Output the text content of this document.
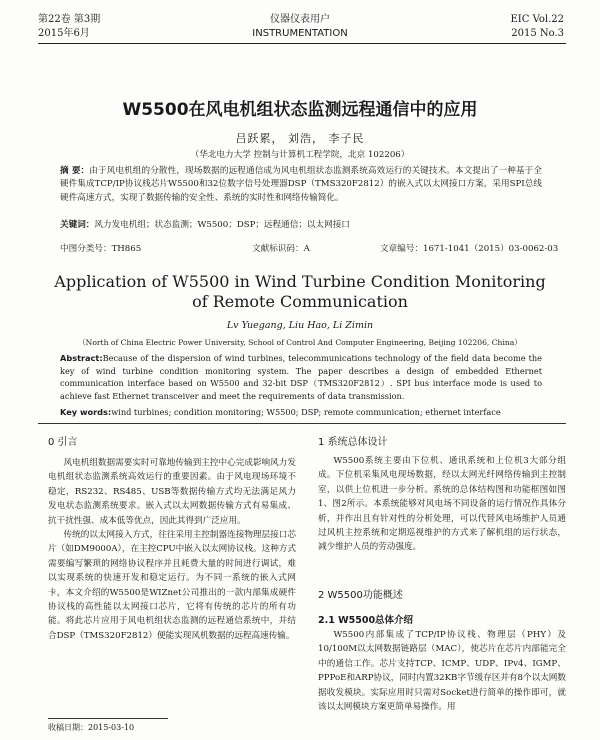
第22卷 第3期
2015年6月
仪器仪表用户
INSTRUMENTATION
EIC Vol.22
2015 No.3
W5500在风电机组状态监测远程通信中的应用
吕跃累， 刘浩， 李子民
（华北电力大学 控制与计算机工程学院，北京 102206）
摘 要：由于风电机组的分散性，现场数据的远程通信成为风电机组状态监测系统高效运行的关键技术。本文提出了一种基于全硬件集成TCP/IP协议栈芯片W5500和32位数字信号处理器DSP（TMS320F2812）的嵌入式以太网接口方案，采用SPI总线硬件高速方式，实现了数据传输的安全性、系统的实时性和网络传输简化。
关键词：风力发电机组；状态监测；W5500；DSP；远程通信；以太网接口
中图分类号：TH865	文献标识码：A	文章编号：1671-1041（2015）03-0062-03
Application of W5500 in Wind Turbine Condition Monitoring of Remote Communication
Lv Yuegang, Liu Hao, Li Zimin
（North of China Electric Power University, School of Control And Computer Engineering, Beijing 102206, China）
Abstract:Because of the dispersion of wind turbines, telecommunications technology of the field data become the key of wind turbine condition monitoring system. The paper describes a design of embedded Ethernet communication interface based on W5500 and 32-bit DSP（TMS320F2812）. SPI bus interface mode is used to achieve fast Ethernet transceiver and meet the requirements of data transmission.
Key words:wind turbines; condition monitoring; W5500; DSP; remote communication; ethernet interface
0 引言

风电机组数据需要实时可靠地传输到主控中心完成影响风力发电机组状态监测系统高效运行的重要因素。由于风电现场环境不稳定，RS232、RS485、USB等数据传输方式均无法满足风力发电状态监测系统要求。嵌入式以太网数据传输方式有易集成、抗干扰性强、成本低等优点，因此其得到广泛应用。

传统的以太网接入方式，往往采用主控制器连接物理层接口芯片（如DM9000A），在主控CPU中嵌入以太网协议栈。这种方式需要编写繁琐的网络协议程序并且耗费大量的时间进行调试，难以实现系统的快速开发和稳定运行。为不同一系统的嵌入式网卡，本文介绍的W5500是WIZnet公司推出的一款内部集成硬件协议栈的高性能以太网接口芯片，它将有传统的芯片的所有功能。将此芯片应用于风电机组状态监测的远程通信系统中，并结合DSP（TMS320F2812）便能实现风机数据的远程高速传输。

1 系统总体设计
W5500系统主要由下位机、通讯系统和上位机3大部分组成。下位机采集风电现场数据，经以太网光纤网络传输到主控制室，以供上位机进一步分析。系统的总体结构图和功能框图如图1、图2所示。本系统能够对风电场不同设备的运行情况作具体分析，并作出且有针对性的分析处理，可以代替风电场维护人员通过风机主控系统和定期巡视维护的方式来了解机组的运行状态，减少维护人员的劳动强度。
2 W5500功能概述
2.1 W5500总体介绍
W5500内部集成了TCP/IP协议栈、物理层（PHY）及10/100M以太网数据链路层（MAC），使芯片在芯片内部能完全中的通信工作。芯片支持TCP、ICMP、UDP、IPv4、IGMP、PPPoE和ARP协议，同时内置32KB字节缓存区并有8个以太网数据收发模块。实际应用时只需对Socket进行简单的操作即可，就该以太网模块方案更简单易操作。用
收稿日期：2015-03-10
